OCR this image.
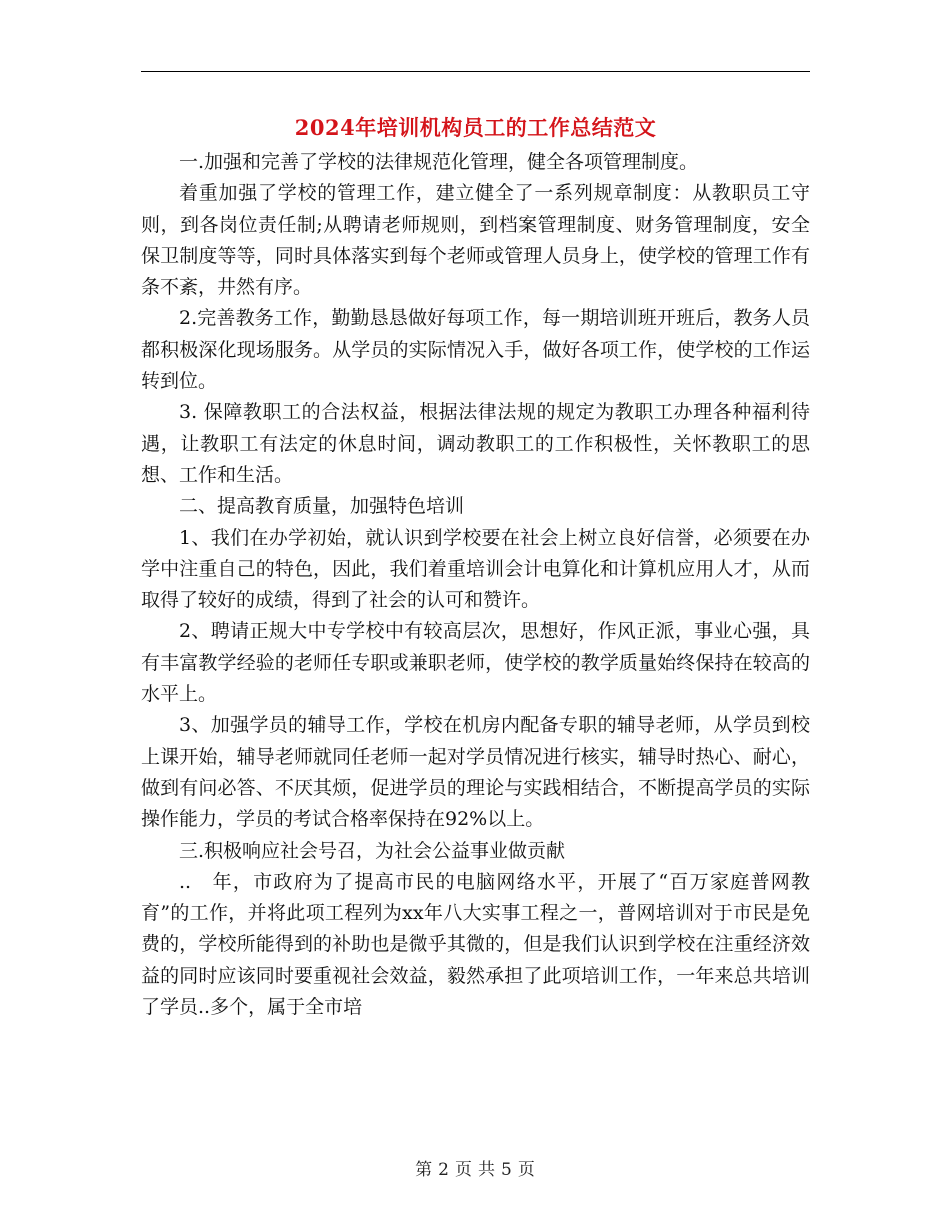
2024年培训机构员工的工作总结范文

一.加强和完善了学校的法律规范化管理，健全各项管理制度。

着重加强了学校的管理工作，建立健全了一系列规章制度：从教职员工守则，到各岗位责任制;从聘请老师规则，到档案管理制度、财务管理制度，安全保卫制度等等，同时具体落实到每个老师或管理人员身上，使学校的管理工作有条不紊，井然有序。

2.完善教务工作，勤勤恳恳做好每项工作，每一期培训班开班后，教务人员都积极深化现场服务。从学员的实际情况入手，做好各项工作，使学校的工作运转到位。

3. 保障教职工的合法权益，根据法律法规的规定为教职工办理各种福利待遇，让教职工有法定的休息时间，调动教职工的工作积极性，关怀教职工的思想、工作和生活。

二、提高教育质量，加强特色培训

1、我们在办学初始，就认识到学校要在社会上树立良好信誉，必须要在办学中注重自己的特色，因此，我们着重培训会计电算化和计算机应用人才，从而取得了较好的成绩，得到了社会的认可和赞许。

2、聘请正规大中专学校中有较高层次，思想好，作风正派，事业心强，具有丰富教学经验的老师任专职或兼职老师，使学校的教学质量始终保持在较高的水平上。

3、加强学员的辅导工作，学校在机房内配备专职的辅导老师，从学员到校上课开始，辅导老师就同任老师一起对学员情况进行核实，辅导时热心、耐心，做到有问必答、不厌其烦，促进学员的理论与实践相结合，不断提高学员的实际操作能力，学员的考试合格率保持在92%以上。

三.积极响应社会号召，为社会公益事业做贡献

..　年，市政府为了提高市民的电脑网络水平，开展了“百万家庭普网教育”的工作，并将此项工程列为xx年八大实事工程之一，普网培训对于市民是免费的，学校所能得到的补助也是微乎其微的，但是我们认识到学校在注重经济效益的同时应该同时要重视社会效益，毅然承担了此项培训工作，一年来总共培训了学员..多个，属于全市培

第 2 页 共 5 页
